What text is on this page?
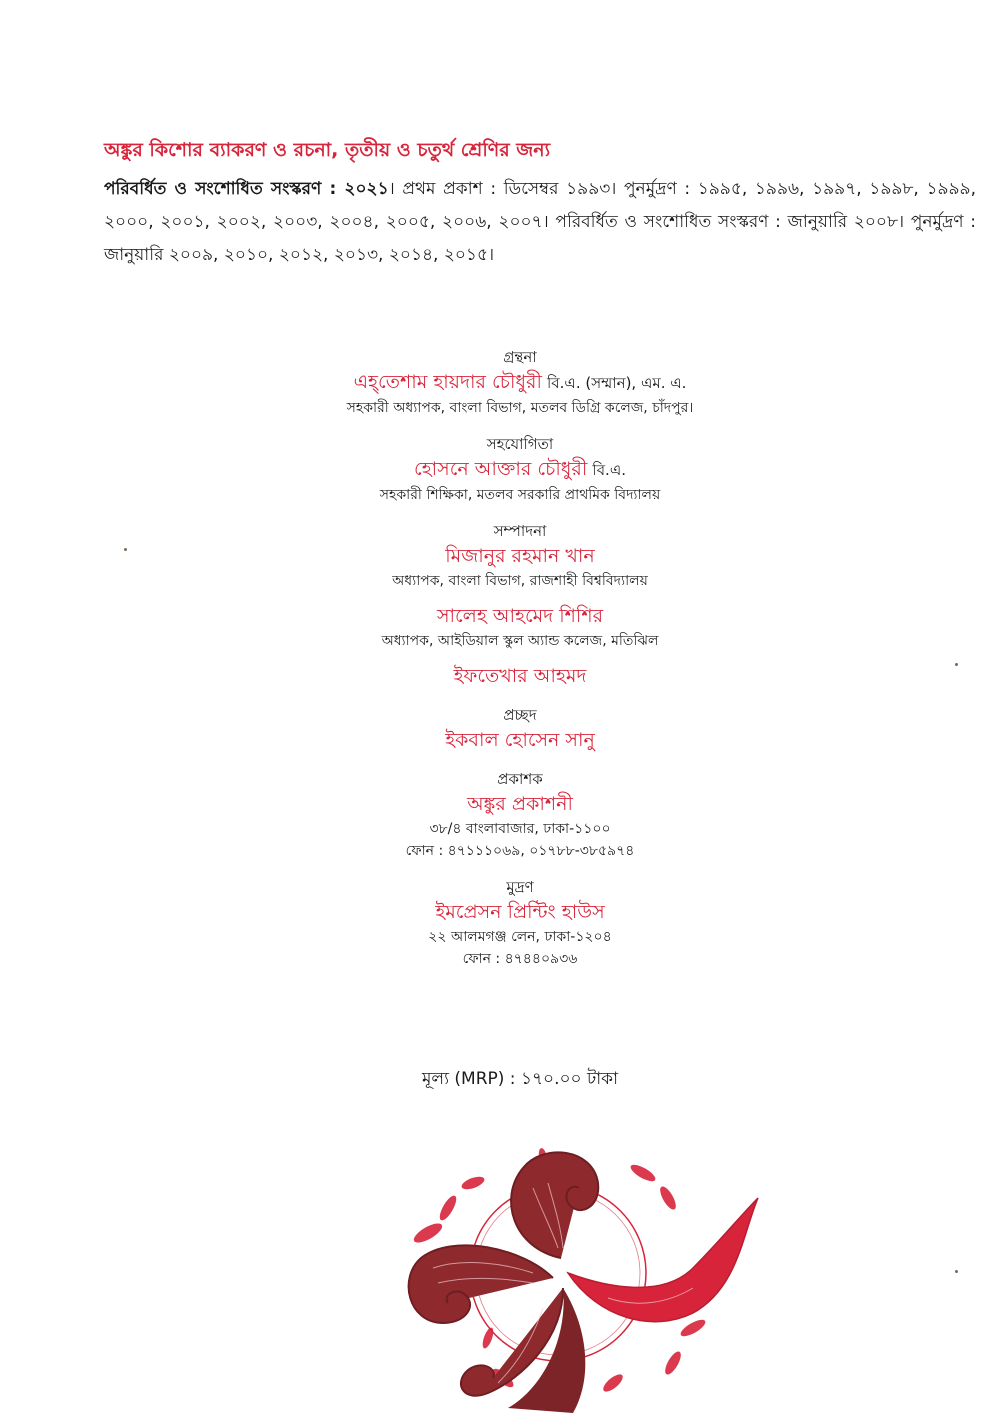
অঙ্কুর কিশোর ব্যাকরণ ও রচনা, তৃতীয় ও চতুর্থ শ্রেণির জন্য
পরিবর্ধিত ও সংশোধিত সংস্করণ : ২০২১। প্রথম প্রকাশ : ডিসেম্বর ১৯৯৩। পুনর্মুদ্রণ : ১৯৯৫, ১৯৯৬, ১৯৯৭, ১৯৯৮, ১৯৯৯, ২০০০, ২০০১, ২০০২, ২০০৩, ২০০৪, ২০০৫, ২০০৬, ২০০৭। পরিবর্ধিত ও সংশোধিত সংস্করণ : জানুয়ারি ২০০৮। পুনর্মুদ্রণ : জানুয়ারি ২০০৯, ২০১০, ২০১২, ২০১৩, ২০১৪, ২০১৫।
গ্রন্থনা
এহ্‌তেশাম হায়দার চৌধুরী বি.এ. (সম্মান), এম. এ.
সহকারী অধ্যাপক, বাংলা বিভাগ, মতলব ডিগ্রি কলেজ, চাঁদপুর।
সহযোগিতা
হোসনে আক্তার চৌধুরী বি.এ.
সহকারী শিক্ষিকা, মতলব সরকারি প্রাথমিক বিদ্যালয়
সম্পাদনা
মিজানুর রহমান খান
অধ্যাপক, বাংলা বিভাগ, রাজশাহী বিশ্ববিদ্যালয়
সালেহ আহমেদ শিশির
অধ্যাপক, আইডিয়াল স্কুল অ্যান্ড কলেজ, মতিঝিল
ইফতেখার আহমদ
প্রচ্ছদ
ইকবাল হোসেন সানু
প্রকাশক
অঙ্কুর প্রকাশনী
৩৮/৪ বাংলাবাজার, ঢাকা-১১০০
ফোন : ৪৭১১১০৬৯, ০১৭৮৮-৩৮৫৯৭৪
মুদ্রণ
ইমপ্রেসন প্রিন্টিং হাউস
২২ আলমগঞ্জ লেন, ঢাকা-১২০৪
ফোন : ৪৭৪৪০৯৩৬
মূল্য (MRP) : ১৭০.০০ টাকা
